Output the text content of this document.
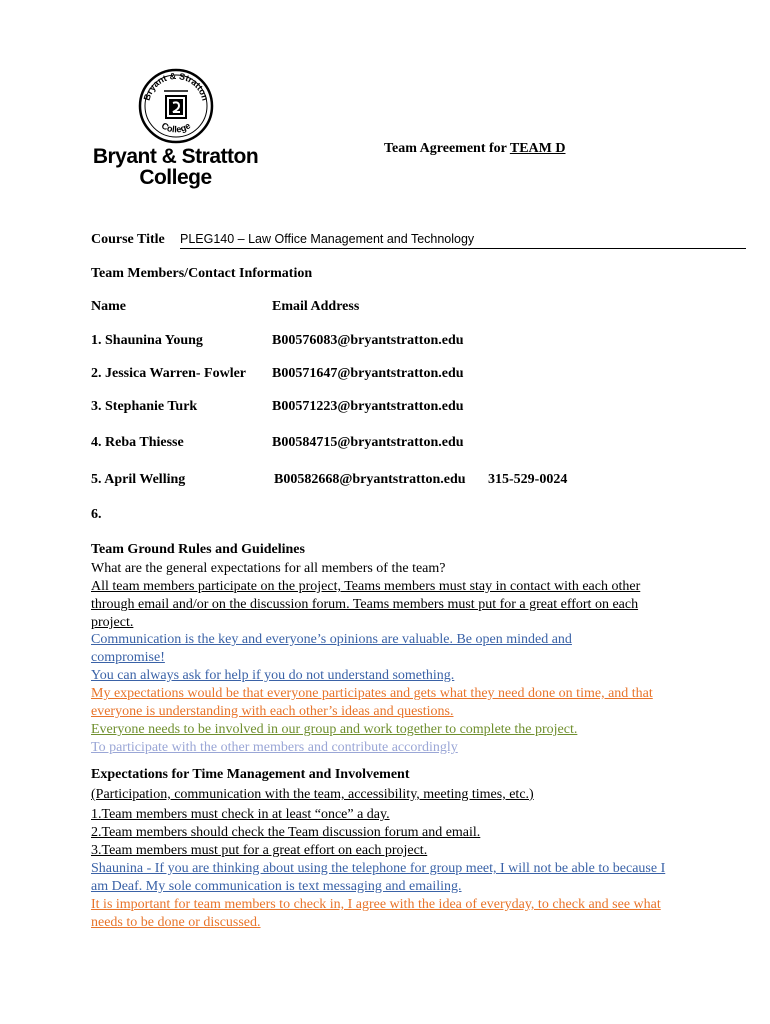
Bryant & Stratton
College
Bryant & Stratton
College
Team Agreement for TEAM D
Course Title PLEG140 – Law Office Management and Technology
Team Members/Contact Information
Name	Email Address
1. Shaunina Young	B00576083@bryantstratton.edu
2. Jessica Warren- Fowler B00571647@bryantstratton.edu
3. Stephanie Turk	B00571223@bryantstratton.edu
4. Reba Thiesse	B00584715@bryantstratton.edu
5. April Welling	B00582668@bryantstratton.edu 315-529-0024
6.
Team Ground Rules and Guidelines
What are the general expectations for all members of the team?
All team members participate on the project, Teams members must stay in contact with each other through email and/or on the discussion forum. Teams members must put for a great effort on each project.
Communication is the key and everyone’s opinions are valuable. Be open minded and compromise!
You can always ask for help if you do not understand something.
My expectations would be that everyone participates and gets what they need done on time, and that everyone is understanding with each other’s ideas and questions.
Everyone needs to be involved in our group and work together to complete the project.
To participate with the other members and contribute accordingly
Expectations for Time Management and Involvement
(Participation, communication with the team, accessibility, meeting times, etc.)
1.Team members must check in at least “once” a day.
2.Team members should check the Team discussion forum and email.
3.Team members must put for a great effort on each project.
Shaunina - If you are thinking about using the telephone for group meet, I will not be able to because I am Deaf. My sole communication is text messaging and emailing.
It is important for team members to check in, I agree with the idea of everyday, to check and see what needs to be done or discussed.
